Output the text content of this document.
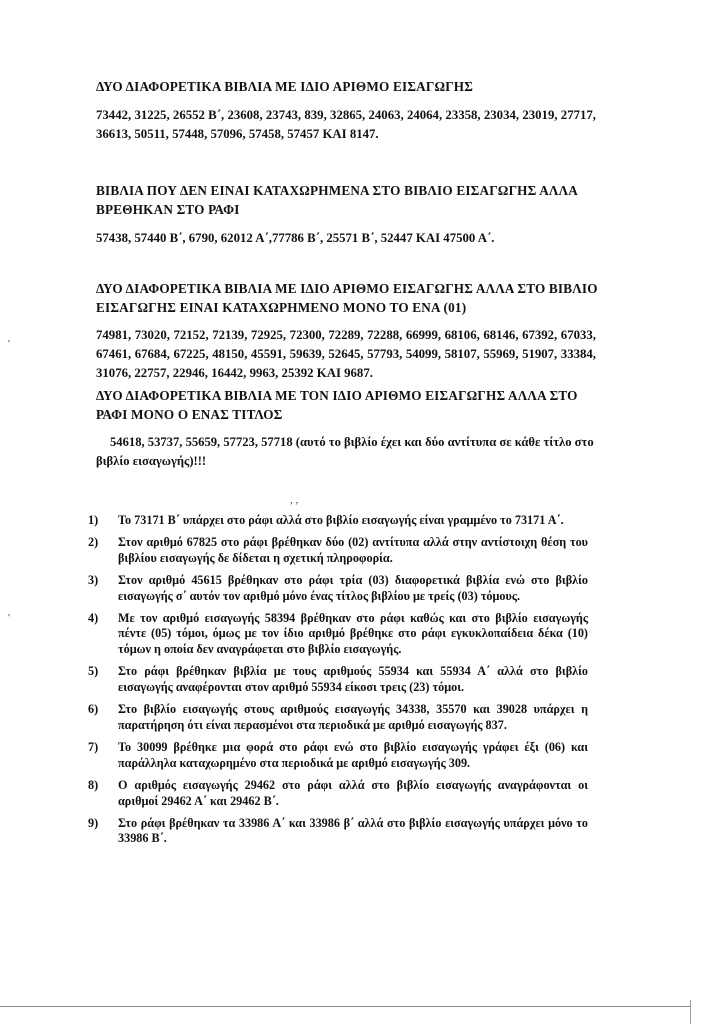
ΔΥΟ ΔΙΑΦΟΡΕΤΙΚΑ ΒΙΒΛΙΑ ΜΕ ΙΔΙΟ ΑΡΙΘΜΟ ΕΙΣΑΓΩΓΗΣ
73442, 31225, 26552 Β΄, 23608, 23743, 839, 32865, 24063, 24064, 23358, 23034, 23019, 27717, 36613, 50511, 57448, 57096, 57458, 57457 ΚΑΙ 8147.
ΒΙΒΛΙΑ ΠΟΥ ΔΕΝ ΕΙΝΑΙ ΚΑΤΑΧΩΡΗΜΕΝΑ ΣΤΟ ΒΙΒΛΙΟ ΕΙΣΑΓΩΓΗΣ ΑΛΛΑ ΒΡΕΘΗΚΑΝ ΣΤΟ ΡΑΦΙ
57438, 57440 Β΄, 6790, 62012 Α΄,77786 Β΄, 25571 Β΄, 52447 ΚΑΙ 47500 Α΄.
ΔΥΟ ΔΙΑΦΟΡΕΤΙΚΑ ΒΙΒΛΙΑ ΜΕ ΙΔΙΟ ΑΡΙΘΜΟ ΕΙΣΑΓΩΓΗΣ ΑΛΛΑ ΣΤΟ ΒΙΒΛΙΟ ΕΙΣΑΓΩΓΗΣ ΕΙΝΑΙ ΚΑΤΑΧΩΡΗΜΕΝΟ ΜΟΝΟ ΤΟ ΕΝΑ (01)
74981, 73020, 72152, 72139, 72925, 72300, 72289, 72288, 66999, 68106, 68146, 67392, 67033, 67461, 67684, 67225, 48150, 45591, 59639, 52645, 57793, 54099, 58107, 55969, 51907, 33384, 31076, 22757, 22946, 16442, 9963, 25392 ΚΑΙ 9687.
ΔΥΟ ΔΙΑΦΟΡΕΤΙΚΑ ΒΙΒΛΙΑ ΜΕ ΤΟΝ ΙΔΙΟ ΑΡΙΘΜΟ ΕΙΣΑΓΩΓΗΣ ΑΛΛΑ ΣΤΟ ΡΑΦΙ ΜΟΝΟ Ο ΕΝΑΣ ΤΙΤΛΟΣ
54618, 53737, 55659, 57723, 57718 (αυτό το βιβλίο έχει και δύο αντίτυπα σε κάθε τίτλο στο βιβλίο εισαγωγής)!!!
1)	Το 73171 Β΄ υπάρχει στο ράφι αλλά στο βιβλίο εισαγωγής είναι γραμμένο το 73171 Α΄.
2)	Στον αριθμό 67825 στο ράφι βρέθηκαν δύο (02) αντίτυπα αλλά στην αντίστοιχη θέση του βιβλίου εισαγωγής δε δίδεται η σχετική πληροφορία.
3)	Στον αριθμό 45615 βρέθηκαν στο ράφι τρία (03) διαφορετικά βιβλία ενώ στο βιβλίο εισαγωγής σ΄ αυτόν τον αριθμό μόνο ένας τίτλος βιβλίου με τρείς (03) τόμους.
4)	Με τον αριθμό εισαγωγής 58394 βρέθηκαν στο ράφι καθώς και στο βιβλίο εισαγωγής πέντε (05) τόμοι, όμως με τον ίδιο αριθμό βρέθηκε στο ράφι εγκυκλοπαίδεια δέκα (10) τόμων η οποία δεν αναγράφεται στο βιβλίο εισαγωγής.
5)	Στο ράφι βρέθηκαν βιβλία με τους αριθμούς 55934 και 55934 Α΄ αλλά στο βιβλίο εισαγωγής αναφέρονται στον αριθμό 55934 είκοσι τρεις (23) τόμοι.
6)	Στο βιβλίο εισαγωγής στους αριθμούς εισαγωγής 34338, 35570 και 39028 υπάρχει η παρατήρηση ότι είναι περασμένοι στα περιοδικά με αριθμό εισαγωγής 837.
7)	Το 30099 βρέθηκε μια φορά στο ράφι ενώ στο βιβλίο εισαγωγής γράφει έξι (06) και παράλληλα καταχωρημένο στα περιοδικά με αριθμό εισαγωγής 309.
8)	Ο αριθμός εισαγωγής 29462 στο ράφι αλλά στο βιβλίο εισαγωγής αναγράφονται οι αριθμοί 29462 Α΄ και 29462 Β΄.
9)	Στο ράφι βρέθηκαν τα 33986 Α΄ και 33986 β΄ αλλά στο βιβλίο εισαγωγής υπάρχει μόνο το 33986 Β΄.
'
, ,
'
